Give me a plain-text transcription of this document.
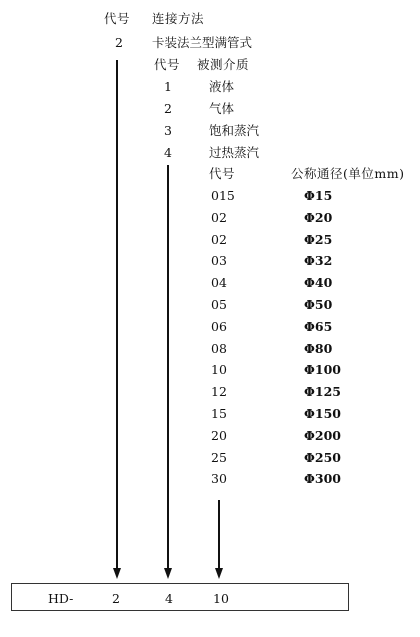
代号 连接方法
2 卡装法兰型满管式
代号 被测介质
1	液体
2	气体
3	饱和蒸汽
4	过热蒸汽
代号	公称通径(单位mm)
015	Φ15
02	Φ20
02	Φ25
03	Φ32
04	Φ40
05	Φ50
06	Φ65
08	Φ80
10	Φ100
12	Φ125
15	Φ150
20	Φ200
25	Φ250
30	Φ300
HD-	2	4	10
